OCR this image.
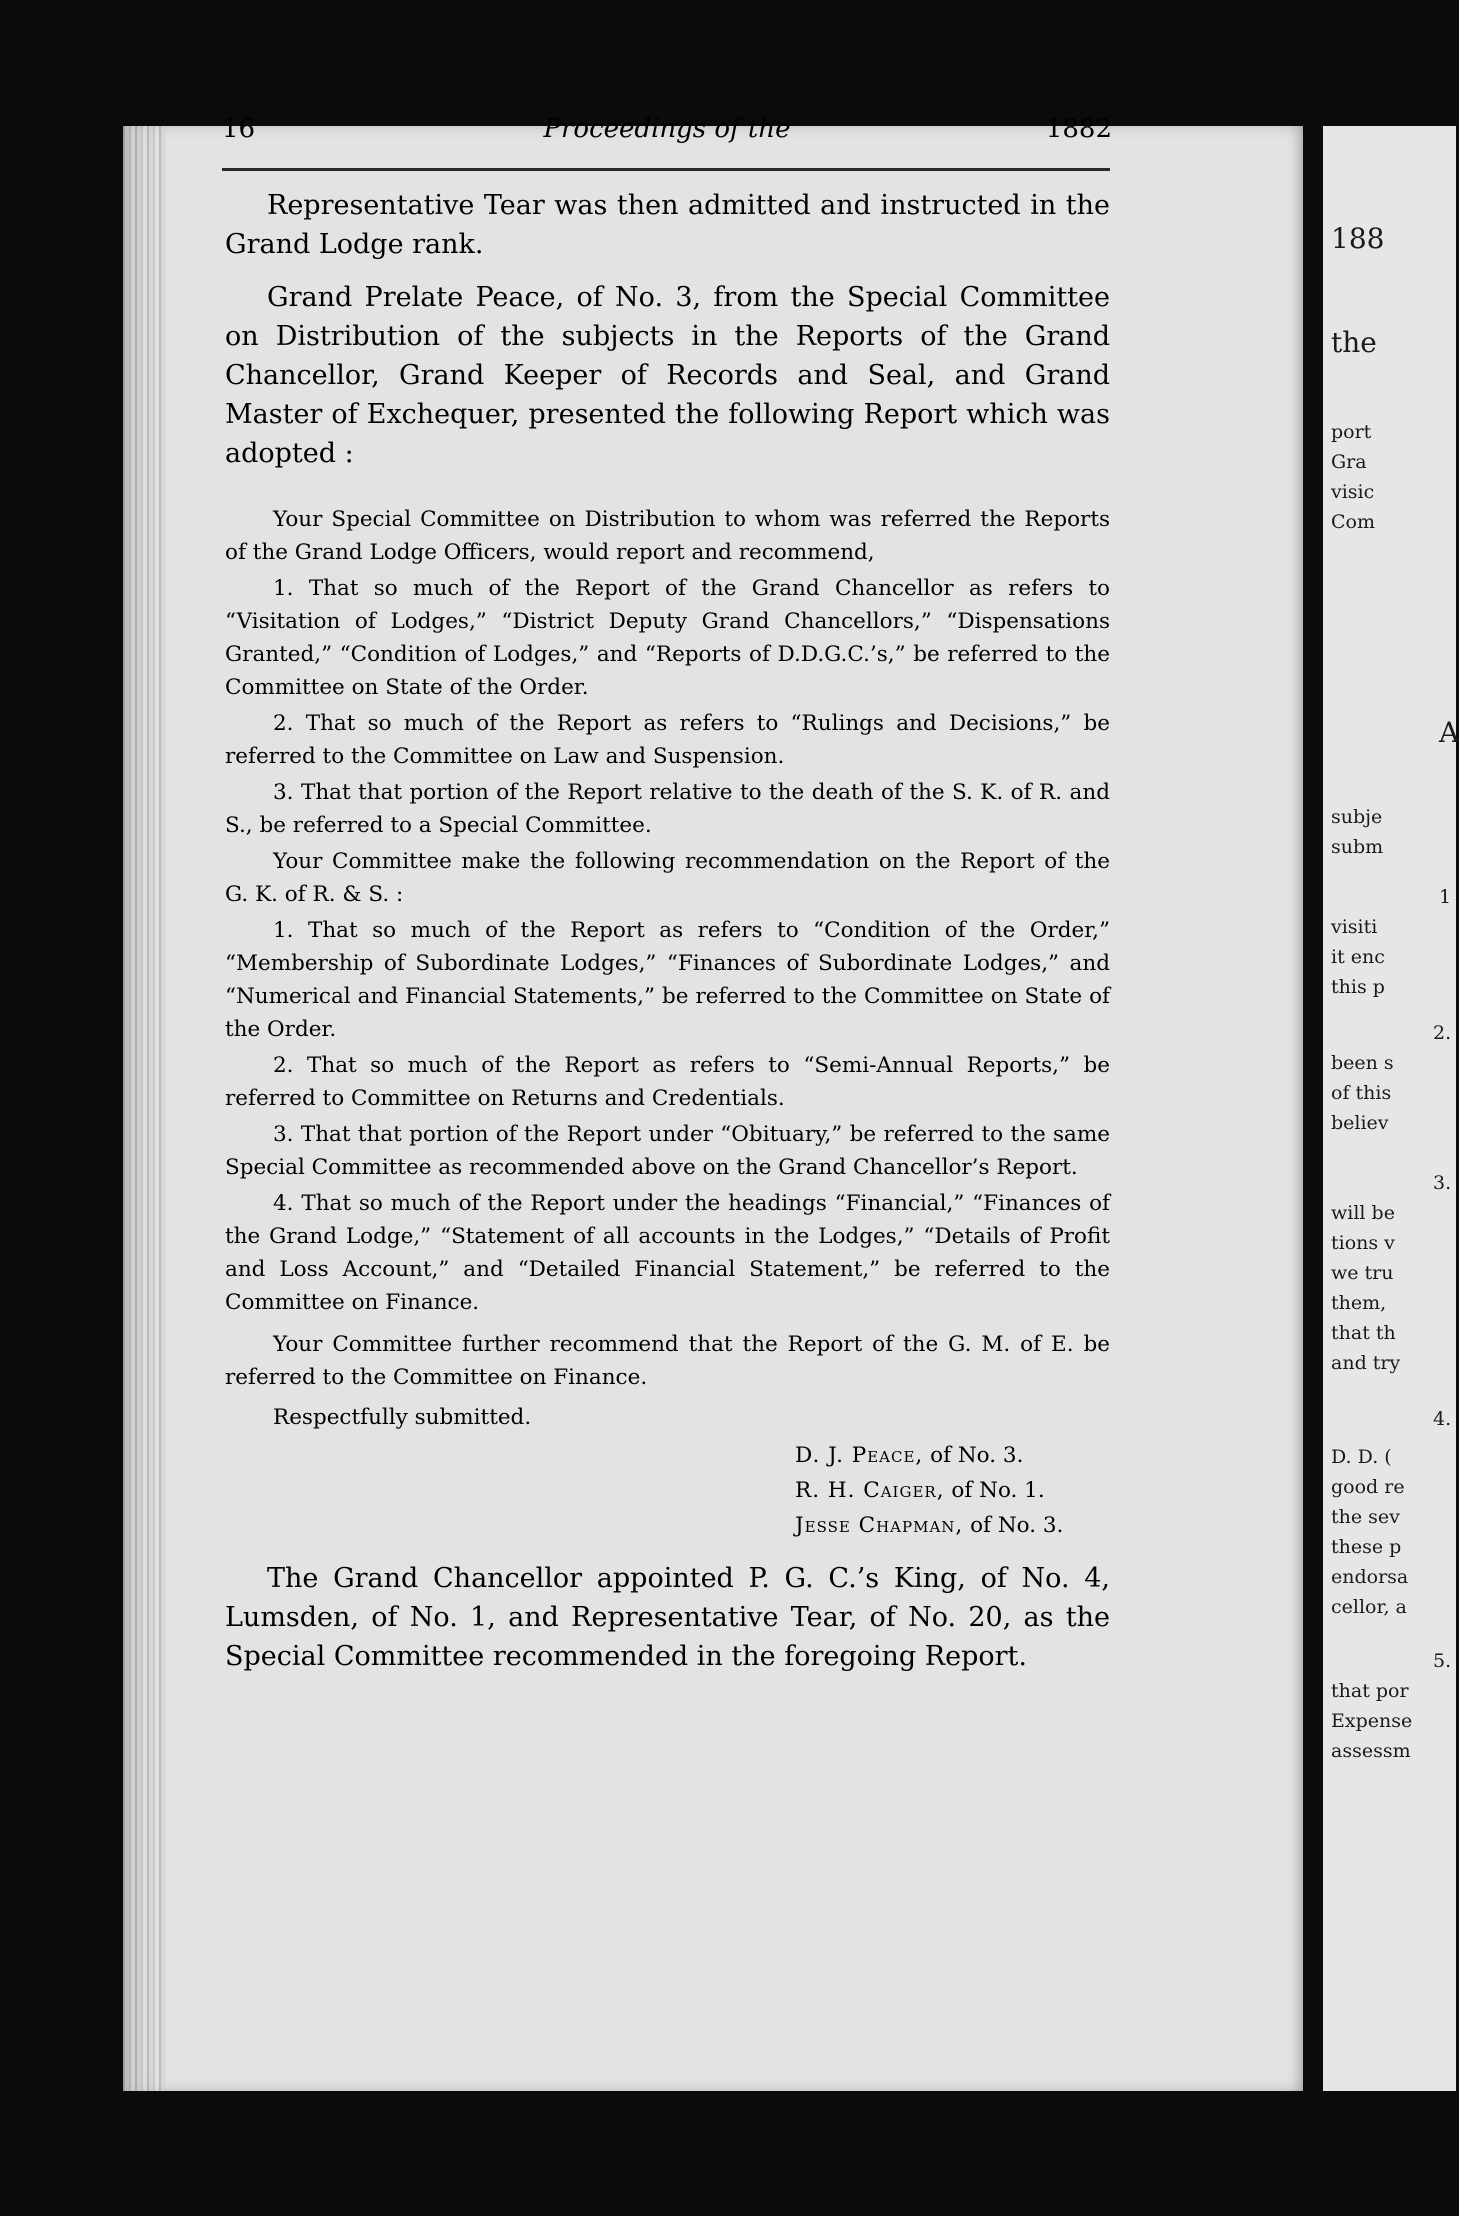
16	Proceedings of the	1882

Representative Tear was then admitted and instructed in the Grand Lodge rank.

Grand Prelate Peace, of No. 3, from the Special Committee on Distribution of the subjects in the Reports of the Grand Chancellor, Grand Keeper of Records and Seal, and Grand Master of Exchequer, presented the following Report which was adopted :

Your Special Committee on Distribution to whom was referred the Reports of the Grand Lodge Officers, would report and recommend,

1. That so much of the Report of the Grand Chancellor as refers to “Visitation of Lodges,” “District Deputy Grand Chancellors,” “Dispensations Granted,” “Condition of Lodges,” and “Reports of D.D.G.C.’s,” be referred to the Committee on State of the Order.

2. That so much of the Report as refers to “Rulings and Decisions,” be referred to the Committee on Law and Suspension.

3. That that portion of the Report relative to the death of the S. K. of R. and S., be referred to a Special Committee.

Your Committee make the following recommendation on the Report of the G. K. of R. & S. :

1. That so much of the Report as refers to “Condition of the Order,” “Membership of Subordinate Lodges,” “Finances of Subordinate Lodges,” and “Numerical and Financial Statements,” be referred to the Committee on State of the Order.

2. That so much of the Report as refers to “Semi-Annual Reports,” be referred to Committee on Returns and Credentials.

3. That that portion of the Report under “Obituary,” be referred to the same Special Committee as recommended above on the Grand Chancellor’s Report.

4. That so much of the Report under the headings “Financial,” “Finances of the Grand Lodge,” “Statement of all accounts in the Lodges,” “Details of Profit and Loss Account,” and “Detailed Financial Statement,” be referred to the Committee on Finance.

Your Committee further recommend that the Report of the G. M. of E. be referred to the Committee on Finance.

Respectfully submitted.

D. J. Peace, of No. 3.
R. H. Caiger, of No. 1.
Jesse Chapman, of No. 3.

The Grand Chancellor appointed P. G. C.’s King, of No. 4, Lumsden, of No. 1, and Representative Tear, of No. 20, as the Special Committee recommended in the foregoing Report.

188
the
port
Gra
visic
Com
A
subje
subm
1
visiti
it enc
this p
2.
been s
of this
believ
3.
will be
tions v
we tru
them,
that th
and try
4.
D. D. (
good re
the sev
these p
endorsa
cellor, a
5.
that por
Expense
assessm
